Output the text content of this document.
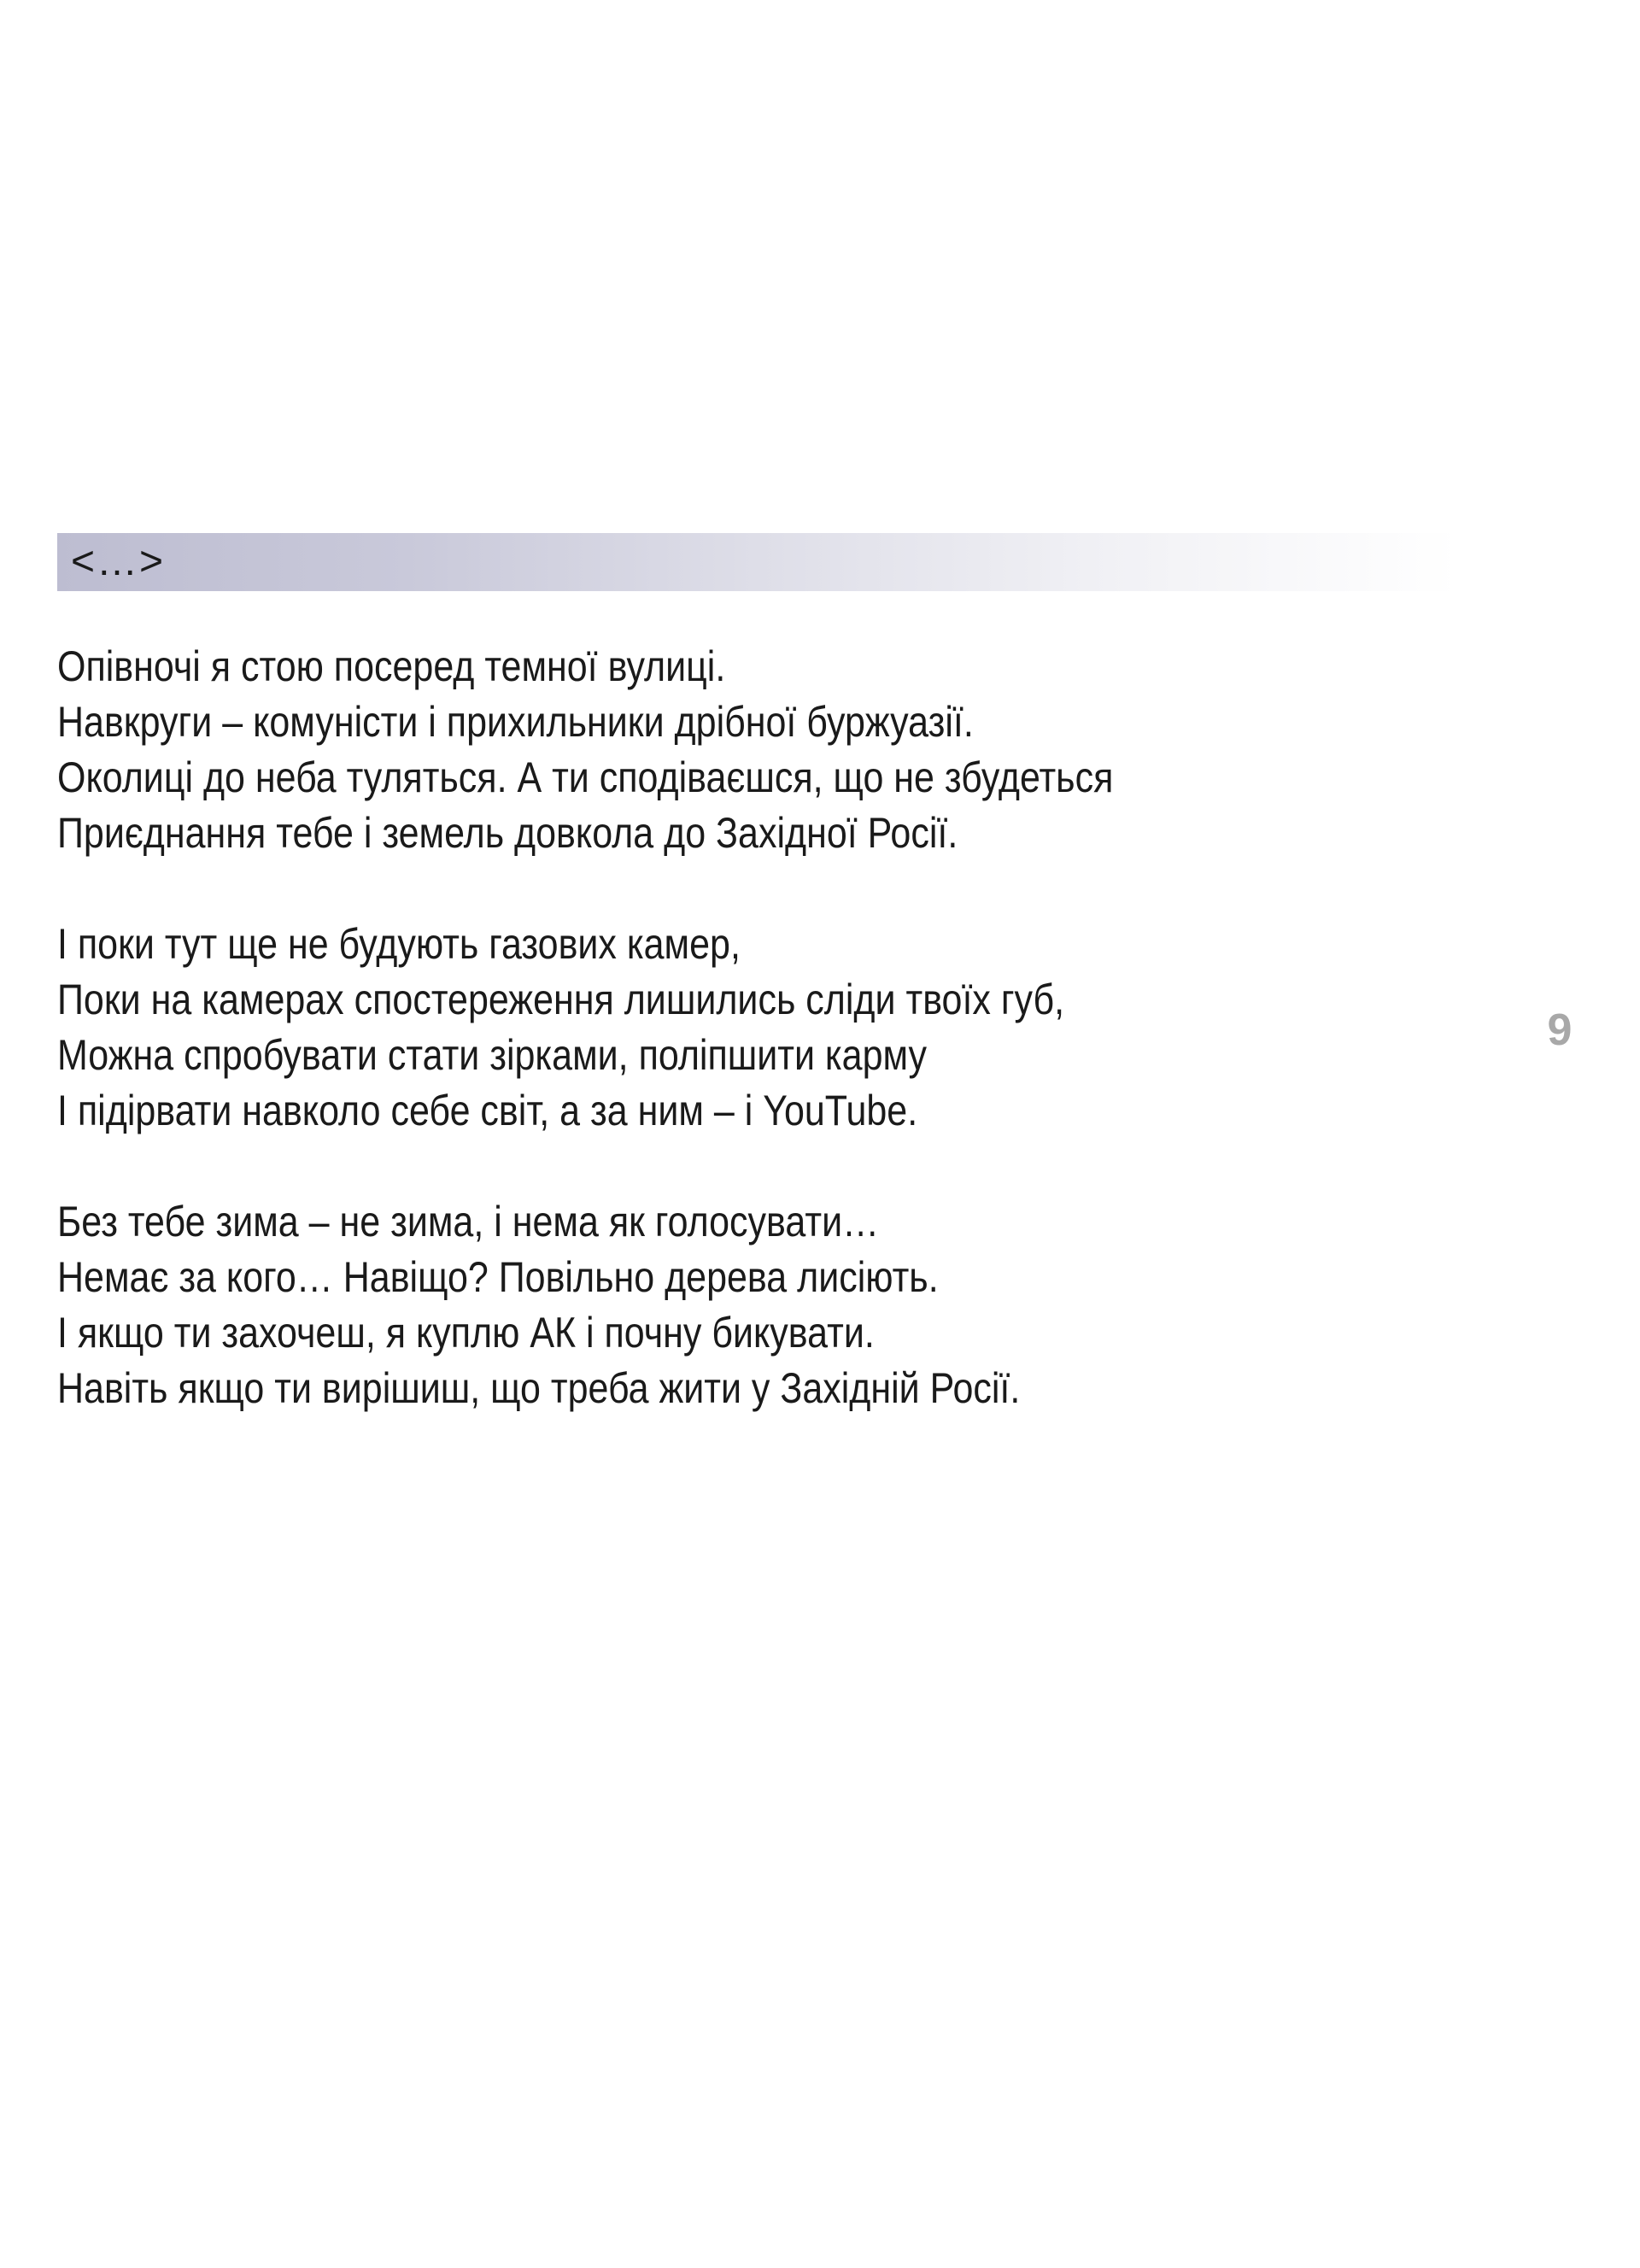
<…>
Опівночі я стою посеред темної вулиці.
Навкруги – комуністи і прихильники дрібної буржуазії.
Околиці до неба туляться. А ти сподіваєшся, що не збудеться
Приєднання тебе і земель довкола до Західної Росії.
І поки тут ще не будують газових камер,
Поки на камерах спостереження лишились сліди твоїх губ,
Можна спробувати стати зірками, поліпшити карму
І підірвати навколо себе світ, а за ним – і YouTube.
Без тебе зима – не зима, і нема як голосувати…
Немає за кого… Навіщо? Повільно дерева лисіють.
І якщо ти захочеш, я куплю АК і почну бикувати.
Навіть якщо ти вирішиш, що треба жити у Західній Росії.
9
